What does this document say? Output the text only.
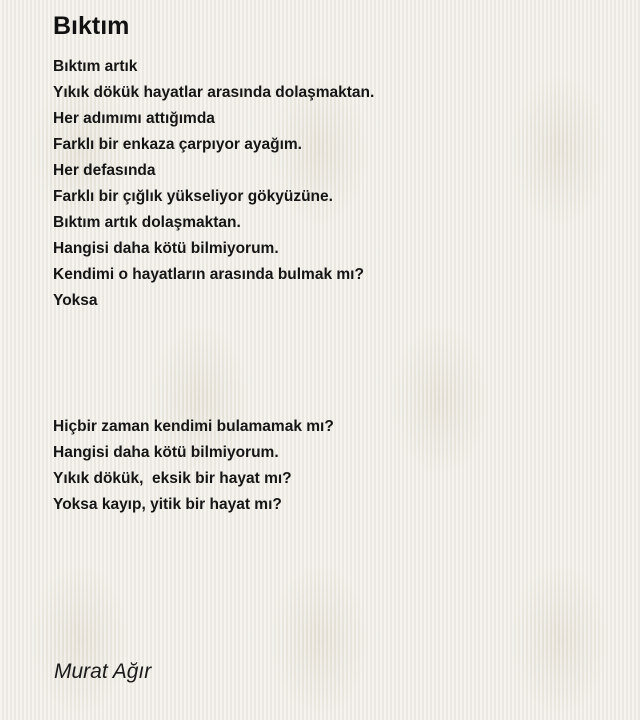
Bıktım
Bıktım artık
Yıkık dökük hayatlar arasında dolaşmaktan.
Her adımımı attığımda
Farklı bir enkaza çarpıyor ayağım.
Her defasında
Farklı bir çığlık yükseliyor gökyüzüne.
Bıktım artık dolaşmaktan.
Hangisi daha kötü bilmiyorum.
Kendimi o hayatların arasında bulmak mı?
Yoksa
Hiçbir zaman kendimi bulamamak mı?
Hangisi daha kötü bilmiyorum.
Yıkık dökük,  eksik bir hayat mı?
Yoksa kayıp, yitik bir hayat mı?

Murat Ağır
